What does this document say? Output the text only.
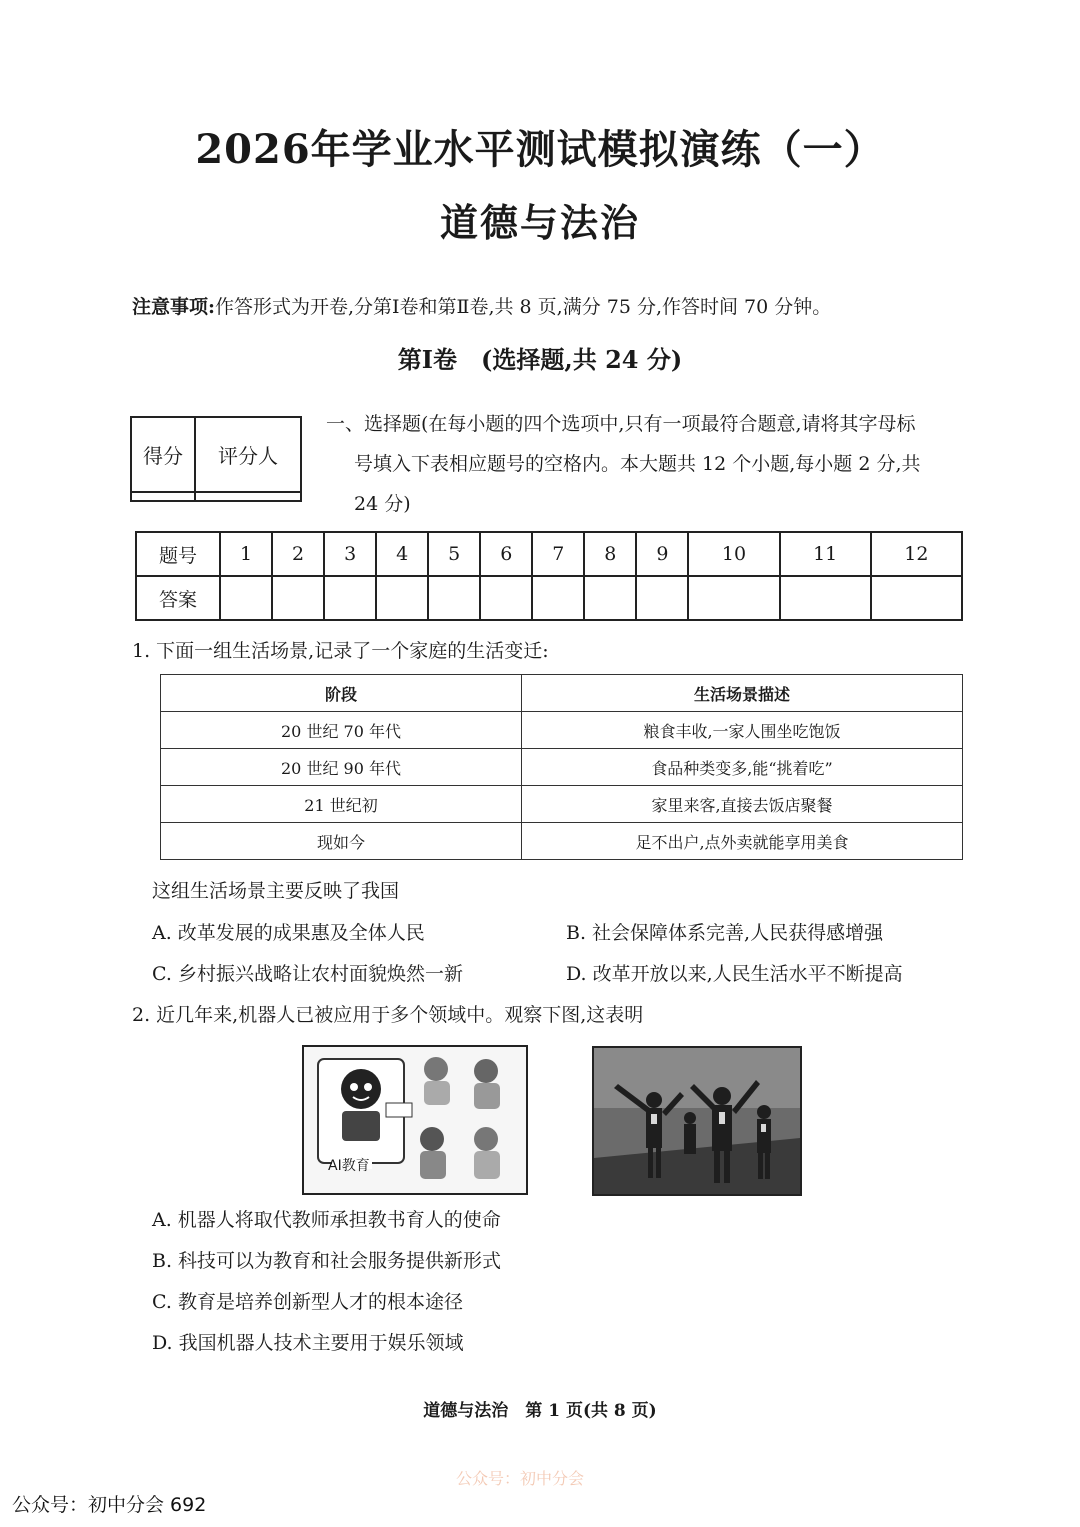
2026年学业水平测试模拟演练（一）
道德与法治
注意事项:作答形式为开卷,分第Ⅰ卷和第Ⅱ卷,共 8 页,满分 75 分,作答时间 70 分钟。
第Ⅰ卷　(选择题,共 24 分)
得分	评分人

一、选择题(在每小题的四个选项中,只有一项最符合题意,请将其字母标

号填入下表相应题号的空格内。本大题共 12 个小题,每小题 2 分,共
24 分)
题号	1	2	3	4	5	6	7	8	9	10	11	12
答案												
1. 下面一组生活场景,记录了一个家庭的生活变迁:
阶段	生活场景描述
20 世纪 70 年代	粮食丰收,一家人围坐吃饱饭
20 世纪 90 年代	食品种类变多,能“挑着吃”
21 世纪初	家里来客,直接去饭店聚餐
现如今	足不出户,点外卖就能享用美食
这组生活场景主要反映了我国
A. 改革发展的成果惠及全体人民	B. 社会保障体系完善,人民获得感增强
C. 乡村振兴战略让农村面貌焕然一新	D. 改革开放以来,人民生活水平不断提高
2. 近几年来,机器人已被应用于多个领域中。观察下图,这表明
AI教育
A. 机器人将取代教师承担教书育人的使命
B. 科技可以为教育和社会服务提供新形式
C. 教育是培养创新型人才的根本途径
D. 我国机器人技术主要用于娱乐领域
道德与法治　第 1 页(共 8 页)
公众号：初中分会
公众号：初中分会 692
